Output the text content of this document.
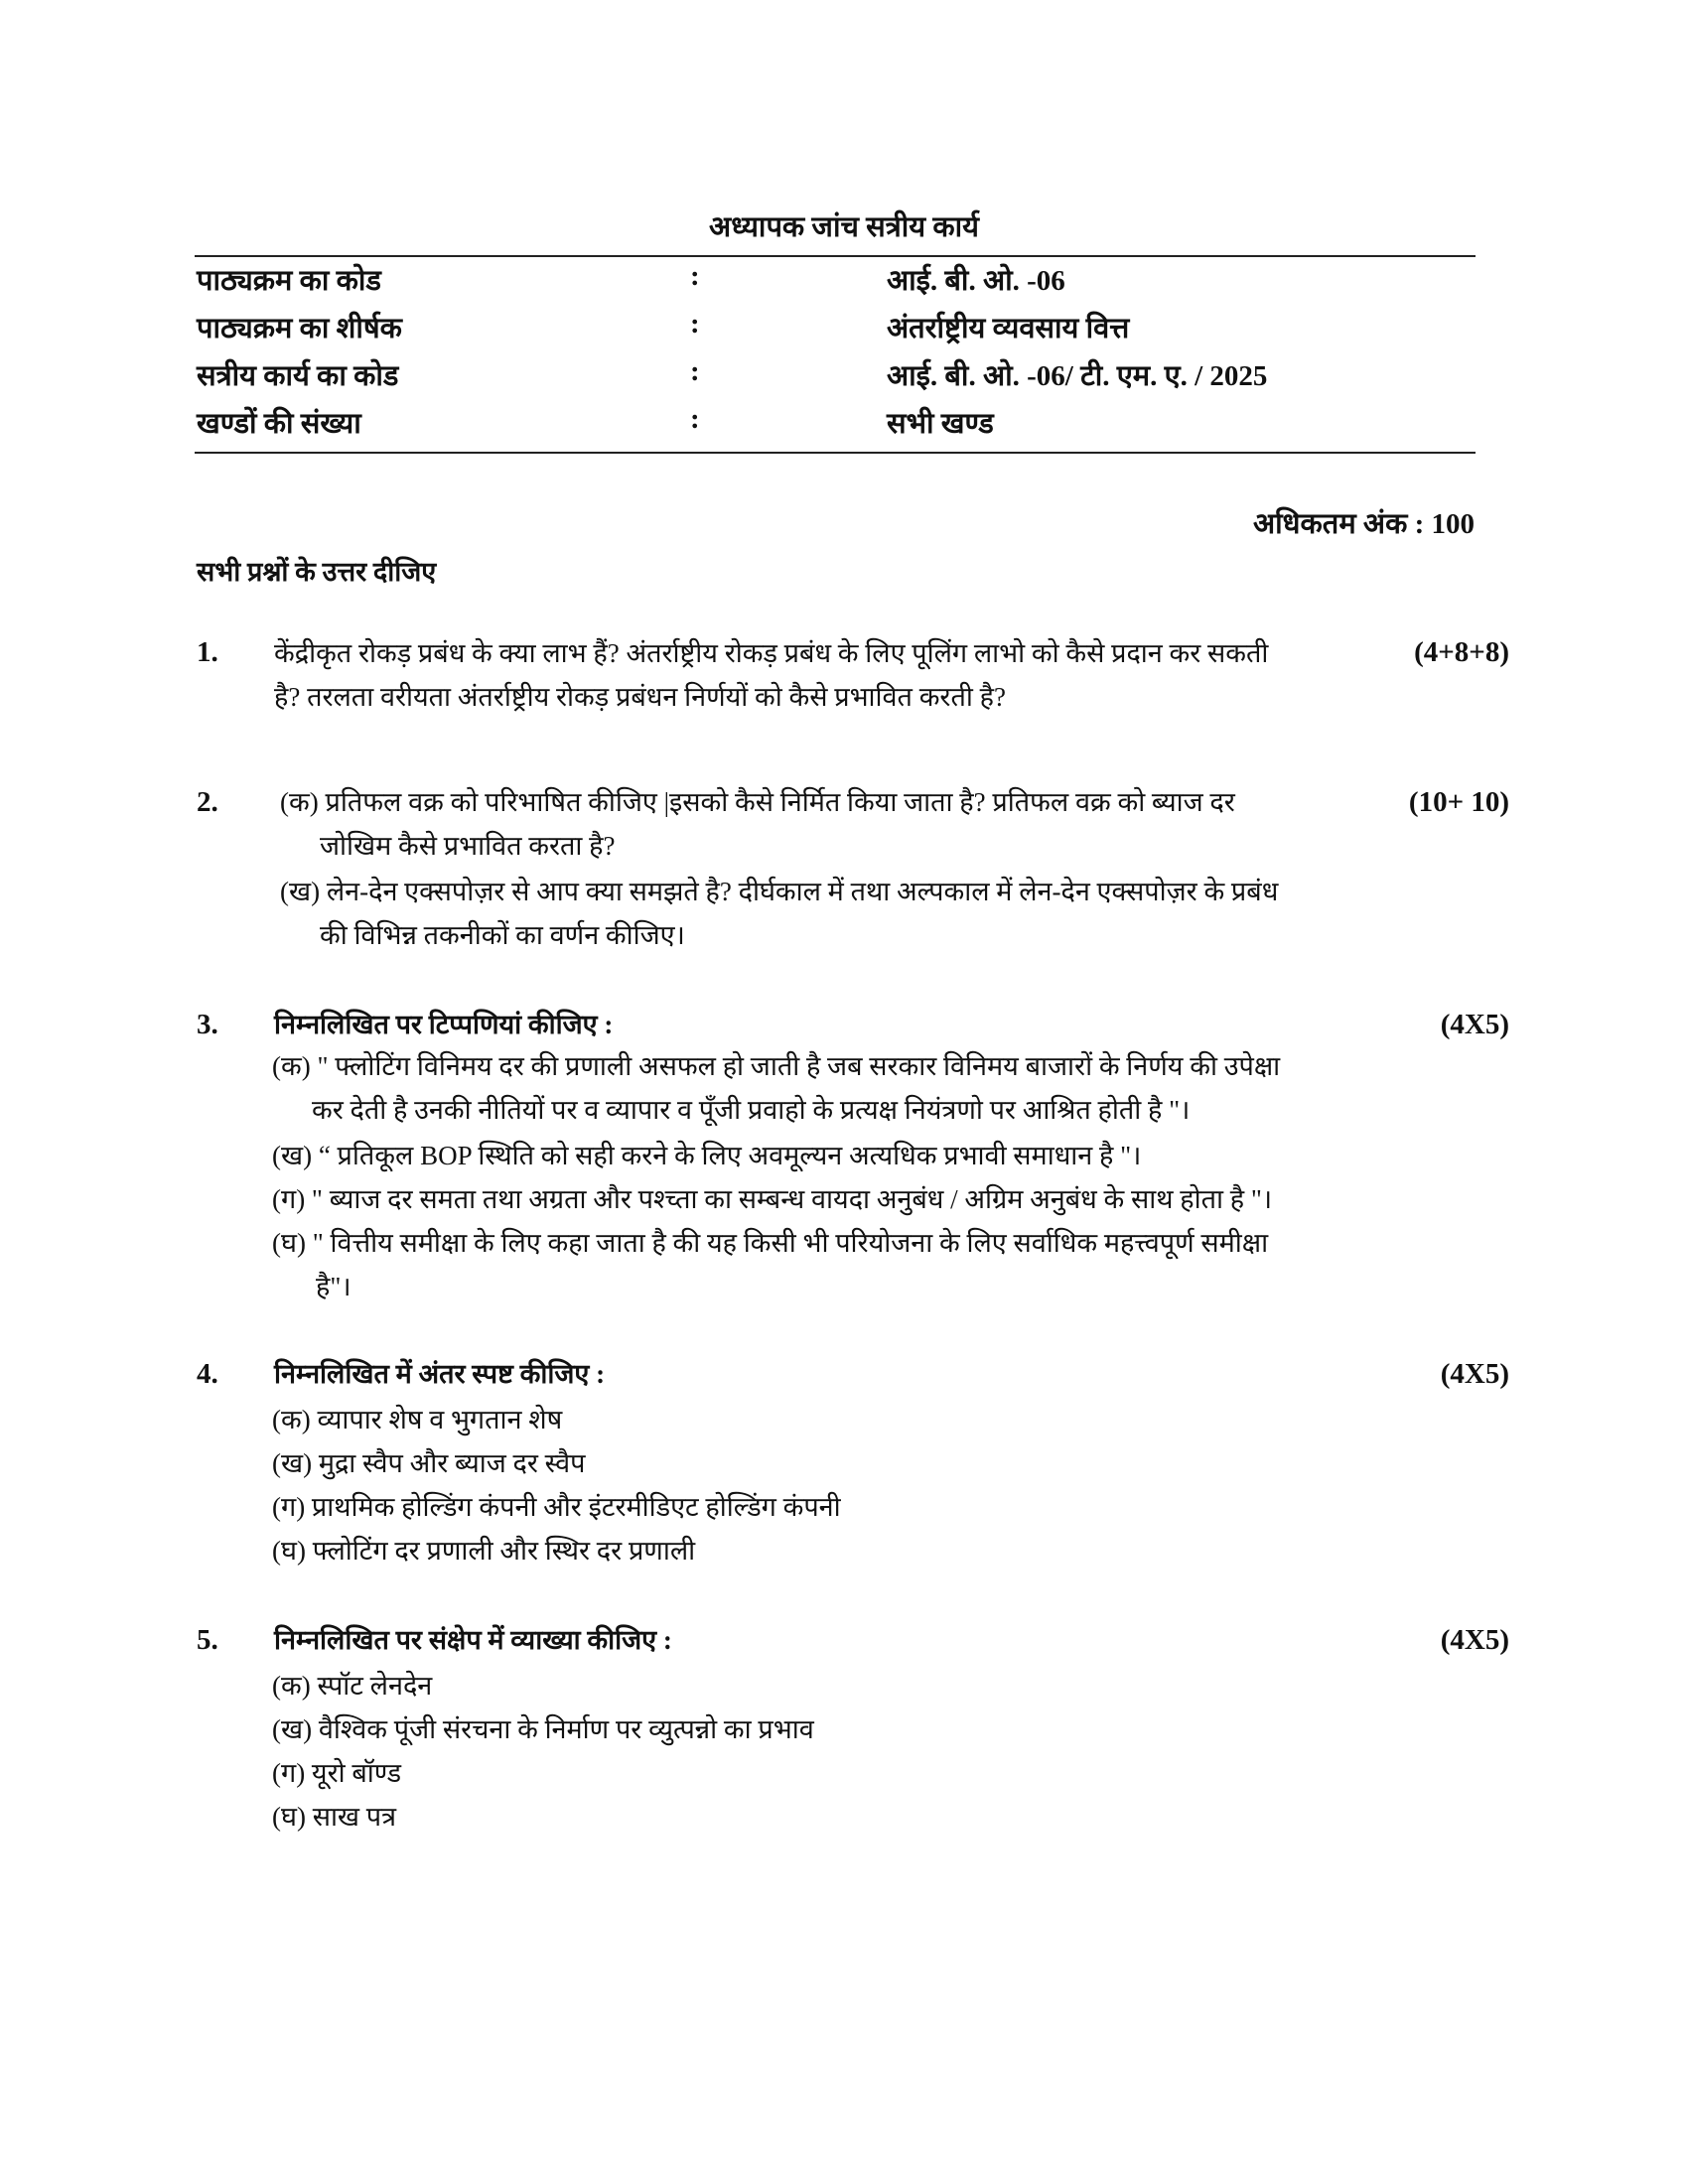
अध्यापक जांच सत्रीय कार्य
पाठ्यक्रम का कोड	:	आई. बी. ओ. -06
पाठ्यक्रम का शीर्षक	:	अंतर्राष्ट्रीय व्यवसाय वित्त
सत्रीय कार्य का कोड	:	आई. बी. ओ. -06/ टी. एम. ए. / 2025
खण्डों की संख्या	:	सभी खण्ड
अधिकतम अंक : 100
सभी प्रश्नों के उत्तर दीजिए
1.	(4+8+8)
केंद्रीकृत रोकड़ प्रबंध के क्या लाभ हैं? अंतर्राष्ट्रीय रोकड़ प्रबंध के लिए पूलिंग लाभो को कैसे प्रदान कर सकती
है? तरलता वरीयता अंतर्राष्ट्रीय रोकड़ प्रबंधन निर्णयों को कैसे प्रभावित करती है?
2.	(10+ 10)
(क) प्रतिफल वक्र को परिभाषित कीजिए |इसको कैसे निर्मित किया जाता है? प्रतिफल वक्र को ब्याज दर
जोखिम कैसे प्रभावित करता है?
(ख) लेन-देन एक्सपोज़र से आप क्या समझते है? दीर्घकाल में तथा अल्पकाल में लेन-देन एक्सपोज़र के प्रबंध
की विभिन्न तकनीकों का वर्णन कीजिए।
3.	(4X5)
निम्नलिखित पर टिप्पणियां कीजिए :
(क) " फ्लोटिंग विनिमय दर की प्रणाली असफल हो जाती है जब सरकार विनिमय बाजारों के निर्णय की उपेक्षा
कर देती है उनकी नीतियों पर व व्यापार व पूँजी प्रवाहो के प्रत्यक्ष नियंत्रणो पर आश्रित होती है "।
(ख) “ प्रतिकूल BOP स्थिति को सही करने के लिए अवमूल्यन अत्यधिक प्रभावी समाधान है "।
(ग) " ब्याज दर समता तथा अग्रता और पश्च्ता का सम्बन्ध वायदा अनुबंध / अग्रिम अनुबंध के साथ होता है "।
(घ) " वित्तीय समीक्षा के लिए कहा जाता है की यह किसी भी परियोजना के लिए सर्वाधिक महत्त्वपूर्ण समीक्षा
है"।
4.	(4X5)
निम्नलिखित में अंतर स्पष्ट कीजिए :
(क) व्यापार शेष व भुगतान शेष
(ख) मुद्रा स्वैप और ब्याज दर स्वैप
(ग) प्राथमिक होल्डिंग कंपनी और इंटरमीडिएट होल्डिंग कंपनी
(घ) फ्लोटिंग दर प्रणाली और स्थिर दर प्रणाली
5.	(4X5)
निम्नलिखित पर संक्षेप में व्याख्या कीजिए :
(क) स्पॉट लेनदेन
(ख) वैश्विक पूंजी संरचना के निर्माण पर व्युत्पन्नो का प्रभाव
(ग) यूरो बॉण्ड
(घ) साख पत्र
